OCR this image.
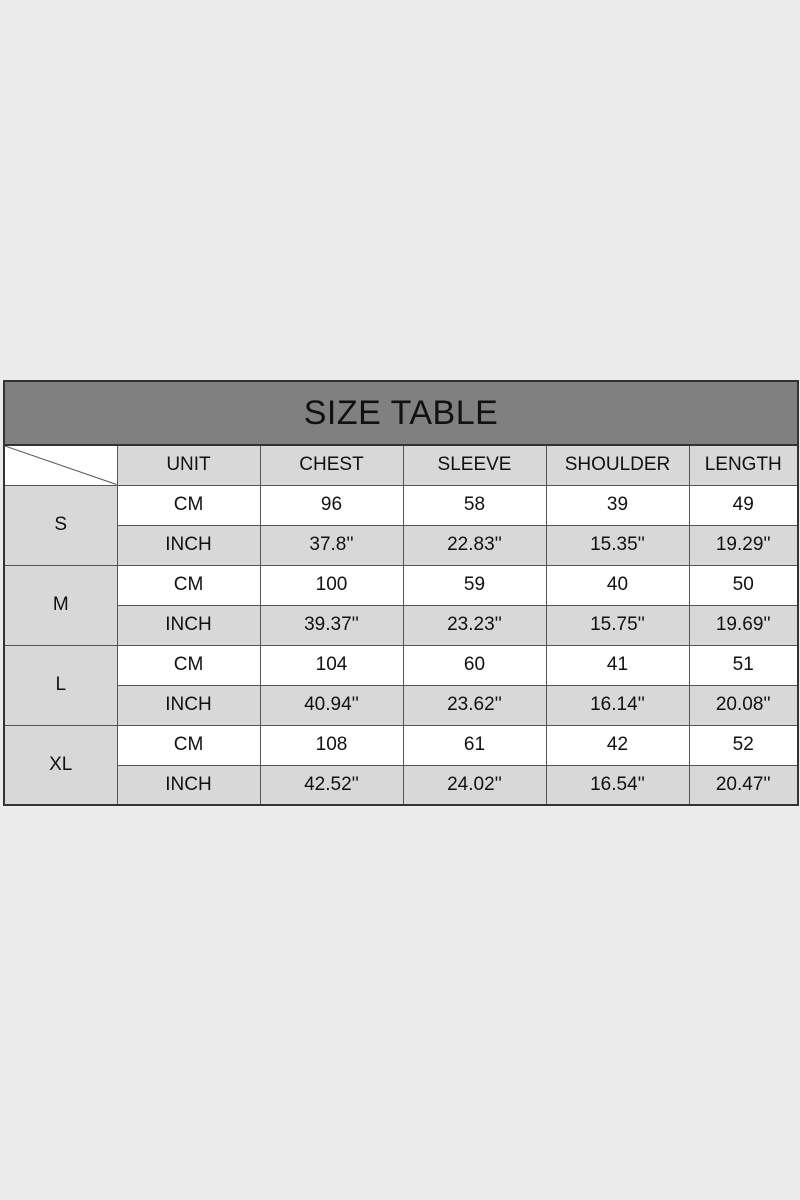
SIZE TABLE					

	UNIT	CHEST	SLEEVE	SHOULDER	LENGTH
S	CM	96	58	39	49
	INCH	37.8''	22.83''	15.35''	19.29''
M	CM	100	59	40	50
	INCH	39.37''	23.23''	15.75''	19.69''
L	CM	104	60	41	51
	INCH	40.94''	23.62''	16.14''	20.08''
XL	CM	108	61	42	52
	INCH	42.52''	24.02''	16.54''	20.47''
